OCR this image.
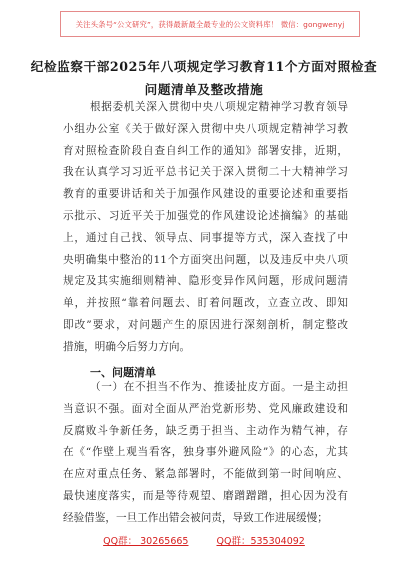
关注头条号“公文研究”，获得最新最全最专业的公文资料库！ 微信：gongwenyj
纪检监察干部2025年八项规定学习教育11个方面对照检查
问题清单及整改措施
根据委机关深入贯彻中央八项规定精神学习教育领导
小组办公室《关于做好深入贯彻中央八项规定精神学习教
育对照检查阶段自查自纠工作的通知》部署安排，近期，
我在认真学习习近平总书记关于深入贯彻二十大精神学习
教育的重要讲话和关于加强作风建设的重要论述和重要指
示批示、习近平关于加强党的作风建设论述摘编》的基础
上，通过自己找、领导点、同事提等方式，深入查找了中
央明确集中整治的11个方面突出问题，以及违反中央八项
规定及其实施细则精神、隐形变异作风问题，形成问题清
单，并按照“靠着问题去、盯着问题改，立查立改、即知
即改”要求，对问题产生的原因进行深刻剖析，制定整改
措施，明确今后努力方向。
一、问题清单
（一）在不担当不作为、推诿扯皮方面。一是主动担
当意识不强。面对全面从严治党新形势、党风廉政建设和
反腐败斗争新任务，缺乏勇于担当、主动作为精气神，存
在《“作壁上观当看客，独身事外避风险”》的心态，尤其
在应对重点任务、紧急部署时，不能做到第一时间响应、
最快速度落实，而是等待观望、磨蹭蹭蹭，担心因为没有
经验借鉴，一旦工作出错会被问责，导致工作进展缓慢；
QQ群： 30265665	QQ群：535304092
